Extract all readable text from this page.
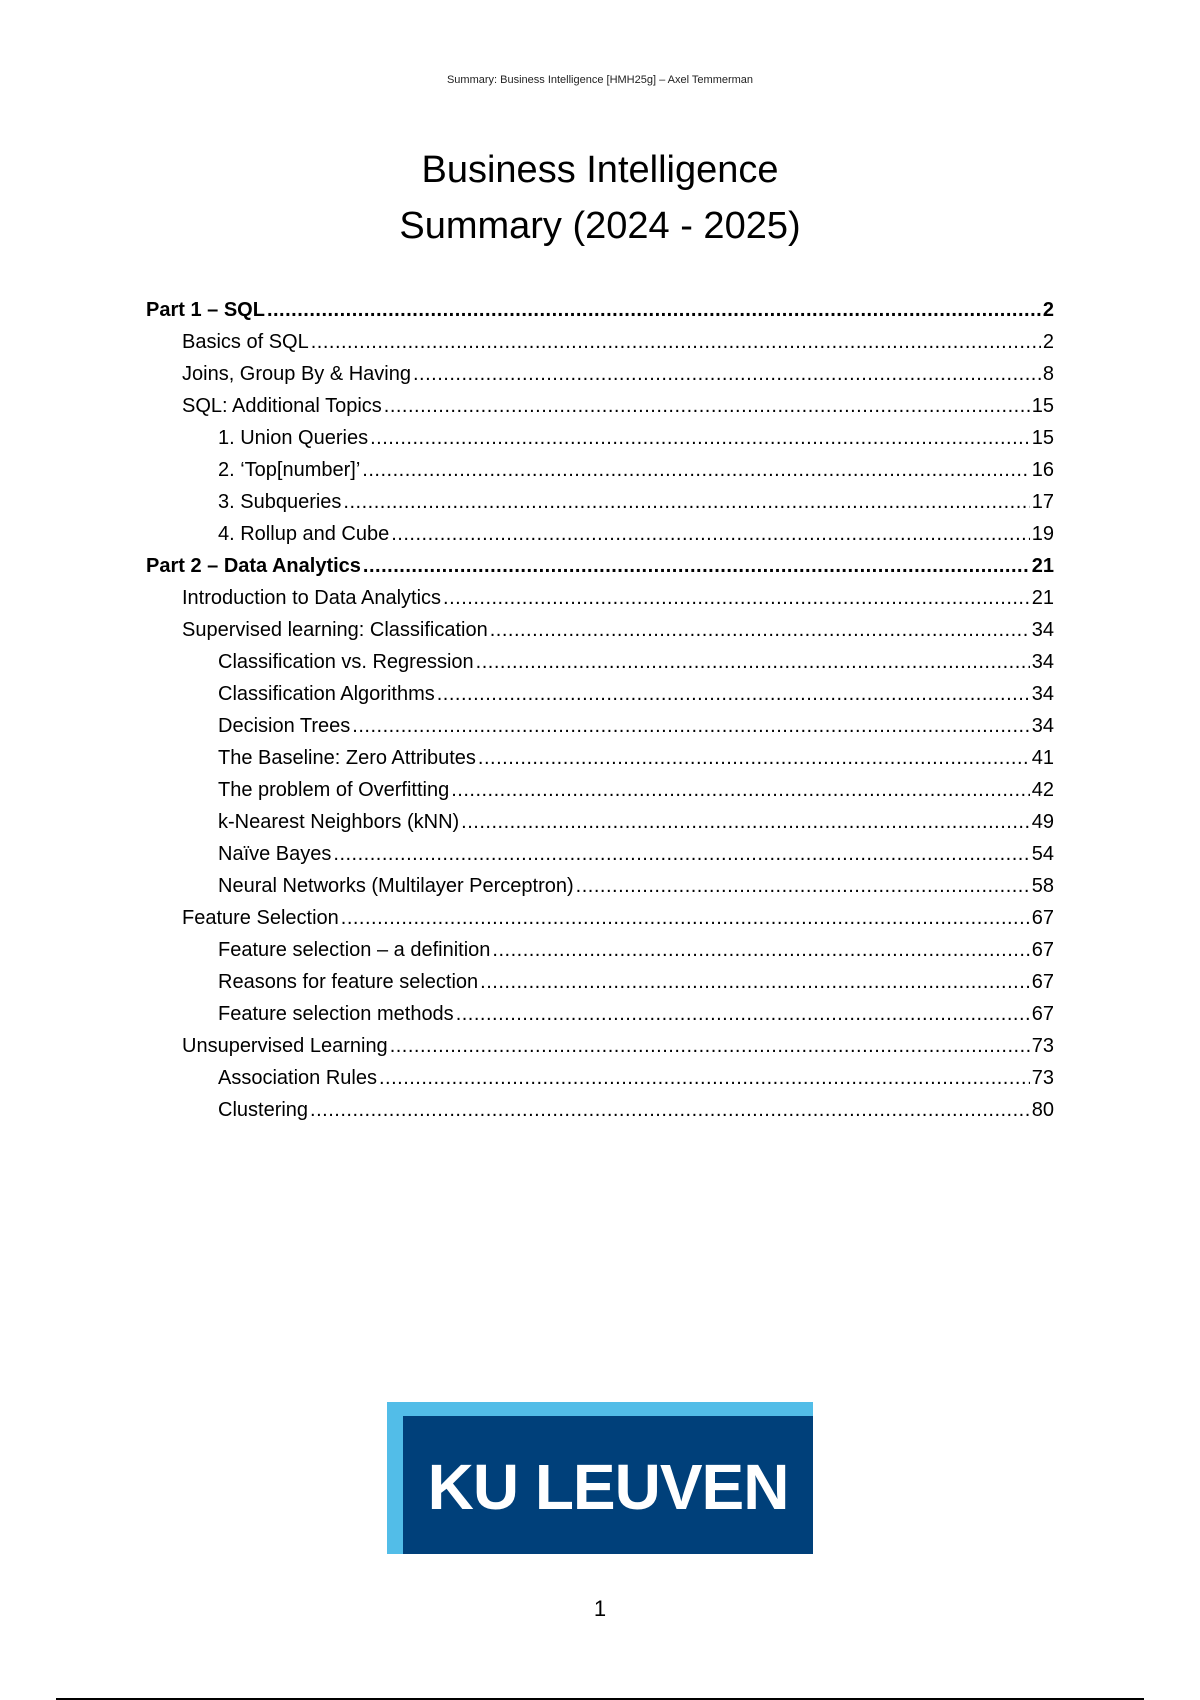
Summary: Business Intelligence [HMH25g] – Axel Temmerman
Business Intelligence
Summary (2024 - 2025)
Part 1 – SQL .....	2
Basics of SQL .....	2
Joins, Group By & Having .....	8
SQL: Additional Topics .....	15
1. Union Queries .....	15
2. ‘Top[number]’ .....	16
3. Subqueries .....	17
4. Rollup and Cube .....	19
Part 2 – Data Analytics .....	21
Introduction to Data Analytics .....	21
Supervised learning: Classification .....	34
Classification vs. Regression .....	34
Classification Algorithms .....	34
Decision Trees .....	34
The Baseline: Zero Attributes .....	41
The problem of Overfitting .....	42
k-Nearest Neighbors (kNN) .....	49
Naïve Bayes .....	54
Neural Networks (Multilayer Perceptron) .....	58
Feature Selection .....	67
Feature selection – a definition .....	67
Reasons for feature selection .....	67
Feature selection methods .....	67
Unsupervised Learning .....	73
Association Rules .....	73
Clustering .....	80
KU LEUVEN
1
